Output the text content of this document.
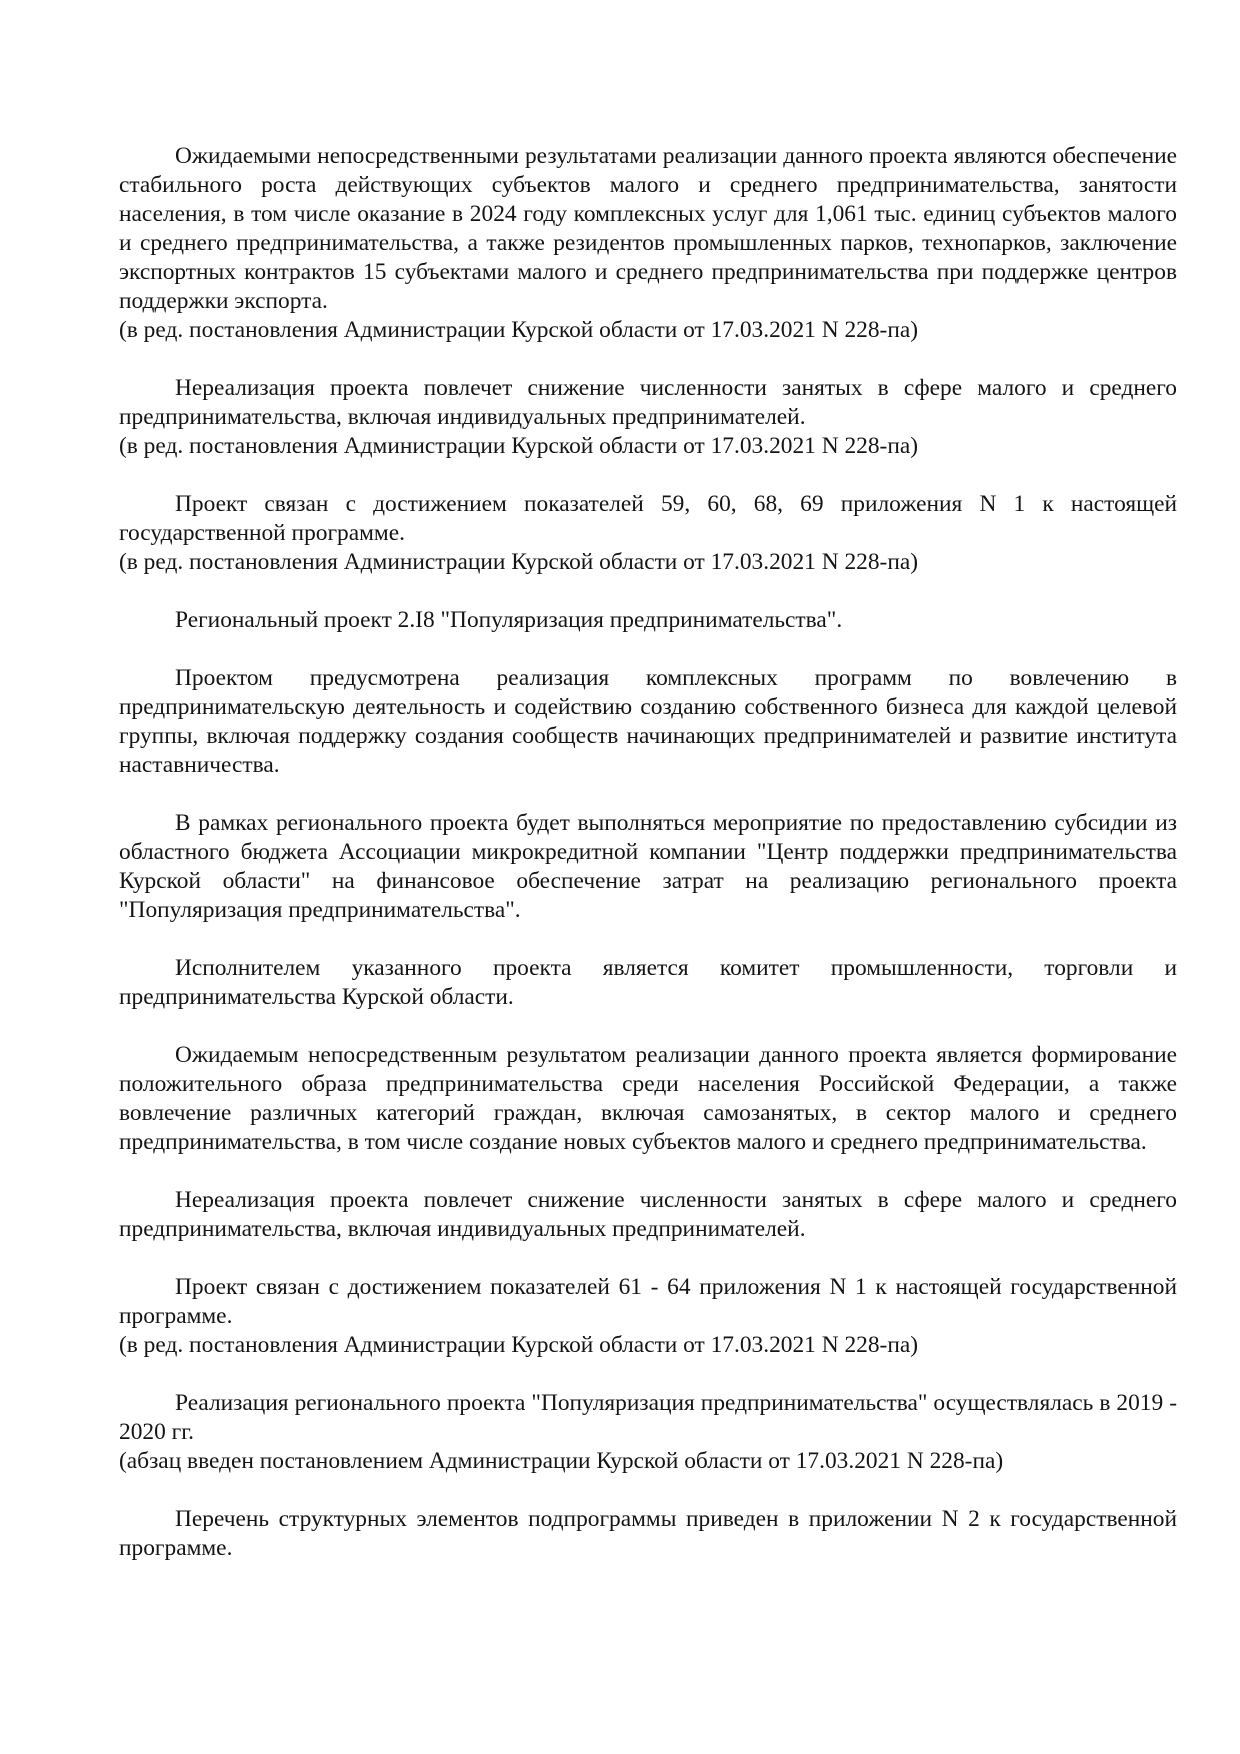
Ожидаемыми непосредственными результатами реализации данного проекта являются обеспечение стабильного роста действующих субъектов малого и среднего предпринимательства, занятости населения, в том числе оказание в 2024 году комплексных услуг для 1,061 тыс. единиц субъектов малого и среднего предпринимательства, а также резидентов промышленных парков, технопарков, заключение экспортных контрактов 15 субъектами малого и среднего предпринимательства при поддержке центров поддержки экспорта.
(в ред. постановления Администрации Курской области от 17.03.2021 N 228-па)
Нереализация проекта повлечет снижение численности занятых в сфере малого и среднего предпринимательства, включая индивидуальных предпринимателей.
(в ред. постановления Администрации Курской области от 17.03.2021 N 228-па)
Проект связан с достижением показателей 59, 60, 68, 69 приложения N 1 к настоящей государственной программе.
(в ред. постановления Администрации Курской области от 17.03.2021 N 228-па)
Региональный проект 2.I8 "Популяризация предпринимательства".
Проектом предусмотрена реализация комплексных программ по вовлечению в предпринимательскую деятельность и содействию созданию собственного бизнеса для каждой целевой группы, включая поддержку создания сообществ начинающих предпринимателей и развитие института наставничества.
В рамках регионального проекта будет выполняться мероприятие по предоставлению субсидии из областного бюджета Ассоциации микрокредитной компании "Центр поддержки предпринимательства Курской области" на финансовое обеспечение затрат на реализацию регионального проекта "Популяризация предпринимательства".
Исполнителем указанного проекта является комитет промышленности, торговли и предпринимательства Курской области.
Ожидаемым непосредственным результатом реализации данного проекта является формирование положительного образа предпринимательства среди населения Российской Федерации, а также вовлечение различных категорий граждан, включая самозанятых, в сектор малого и среднего предпринимательства, в том числе создание новых субъектов малого и среднего предпринимательства.
Нереализация проекта повлечет снижение численности занятых в сфере малого и среднего предпринимательства, включая индивидуальных предпринимателей.
Проект связан с достижением показателей 61 - 64 приложения N 1 к настоящей государственной программе.
(в ред. постановления Администрации Курской области от 17.03.2021 N 228-па)
Реализация регионального проекта "Популяризация предпринимательства" осуществлялась в 2019 - 2020 гг.
(абзац введен постановлением Администрации Курской области от 17.03.2021 N 228-па)
Перечень структурных элементов подпрограммы приведен в приложении N 2 к государственной программе.
